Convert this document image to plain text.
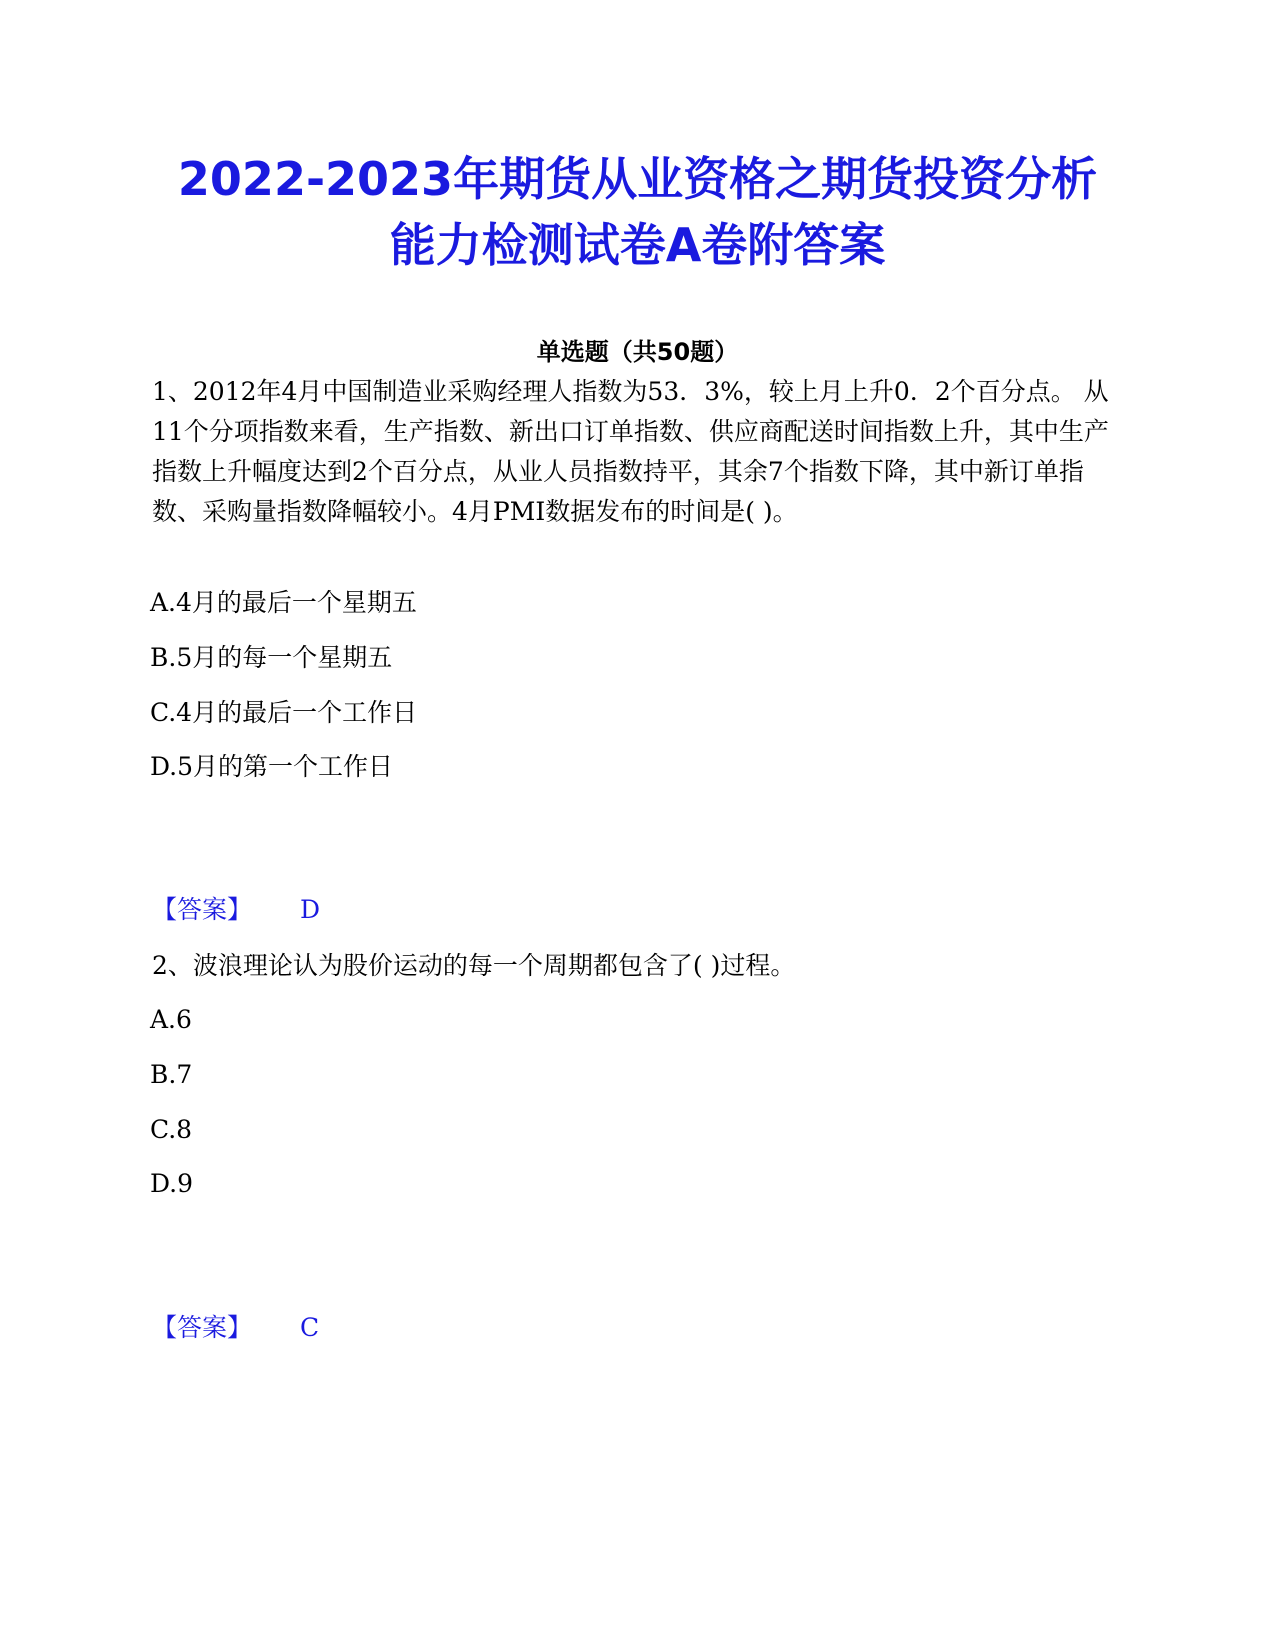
2022-2023年期货从业资格之期货投资分析
能力检测试卷A卷附答案
单选题（共50题）

1、2012年4月中国制造业采购经理人指数为53．3%，较上月上升0．2个百分点。 从11个分项指数来看，生产指数、新出口订单指数、供应商配送时间指数上升，其中生产指数上升幅度达到2个百分点，从业人员指数持平，其余7个指数下降，其中新订单指数、采购量指数降幅较小。4月PMI数据发布的时间是( )。

A.4月的最后一个星期五

B.5月的每一个星期五

C.4月的最后一个工作日

D.5月的第一个工作日

【答案】 D

2、波浪理论认为股价运动的每一个周期都包含了( )过程。

A.6

B.7

C.8

D.9

【答案】 C
